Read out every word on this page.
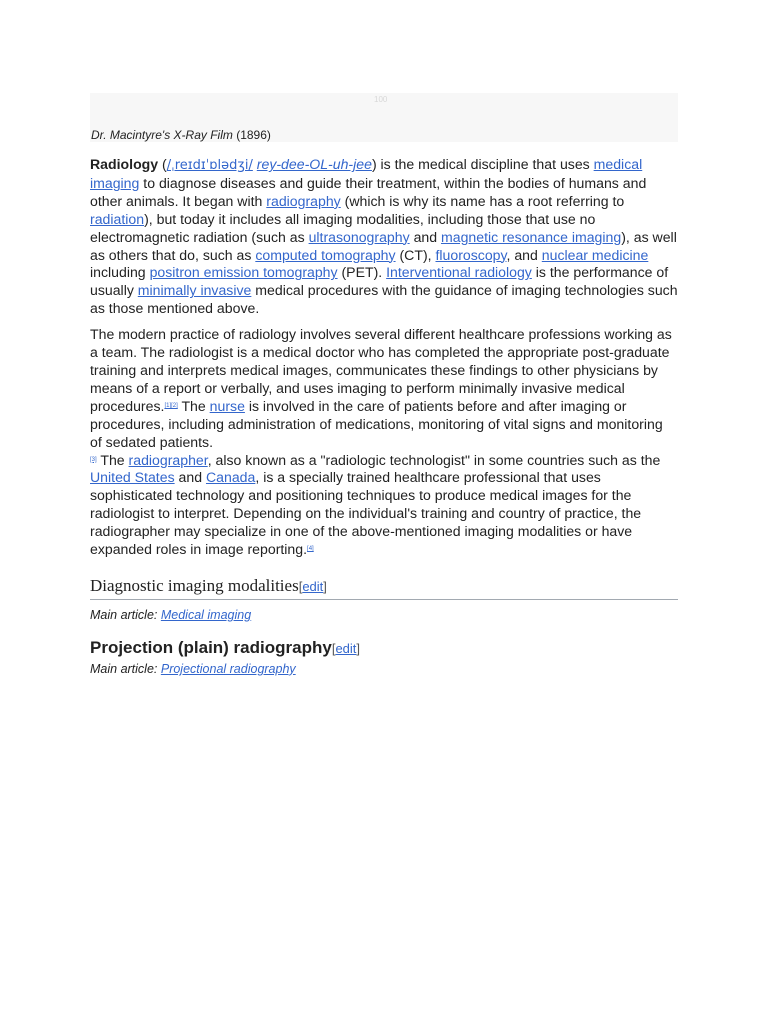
100
Dr. Macintyre's X-Ray Film (1896)

Radiology (/ˌreɪdɪˈɒlədʒi/ rey-dee-OL-uh-jee) is the medical discipline that uses medical imaging to diagnose diseases and guide their treatment, within the bodies of humans and other animals. It began with radiography (which is why its name has a root referring to radiation), but today it includes all imaging modalities, including those that use no electromagnetic radiation (such as ultrasonography and magnetic resonance imaging), as well as others that do, such as computed tomography (CT), fluoroscopy, and nuclear medicine including positron emission tomography (PET). Interventional radiology is the performance of usually minimally invasive medical procedures with the guidance of imaging technologies such as those mentioned above.

The modern practice of radiology involves several different healthcare professions working as a team. The radiologist is a medical doctor who has completed the appropriate post-graduate training and interprets medical images, communicates these findings to other physicians by means of a report or verbally, and uses imaging to perform minimally invasive medical procedures.[1][2] The nurse is involved in the care of patients before and after imaging or procedures, including administration of medications, monitoring of vital signs and monitoring of sedated patients.
[3] The radiographer, also known as a "radiologic technologist" in some countries such as the United States and Canada, is a specially trained healthcare professional that uses sophisticated technology and positioning techniques to produce medical images for the radiologist to interpret. Depending on the individual's training and country of practice, the radiographer may specialize in one of the above-mentioned imaging modalities or have expanded roles in image reporting.[4]

Diagnostic imaging modalities[edit]
Main article: Medical imaging
Projection (plain) radiography[edit]
Main article: Projectional radiography
